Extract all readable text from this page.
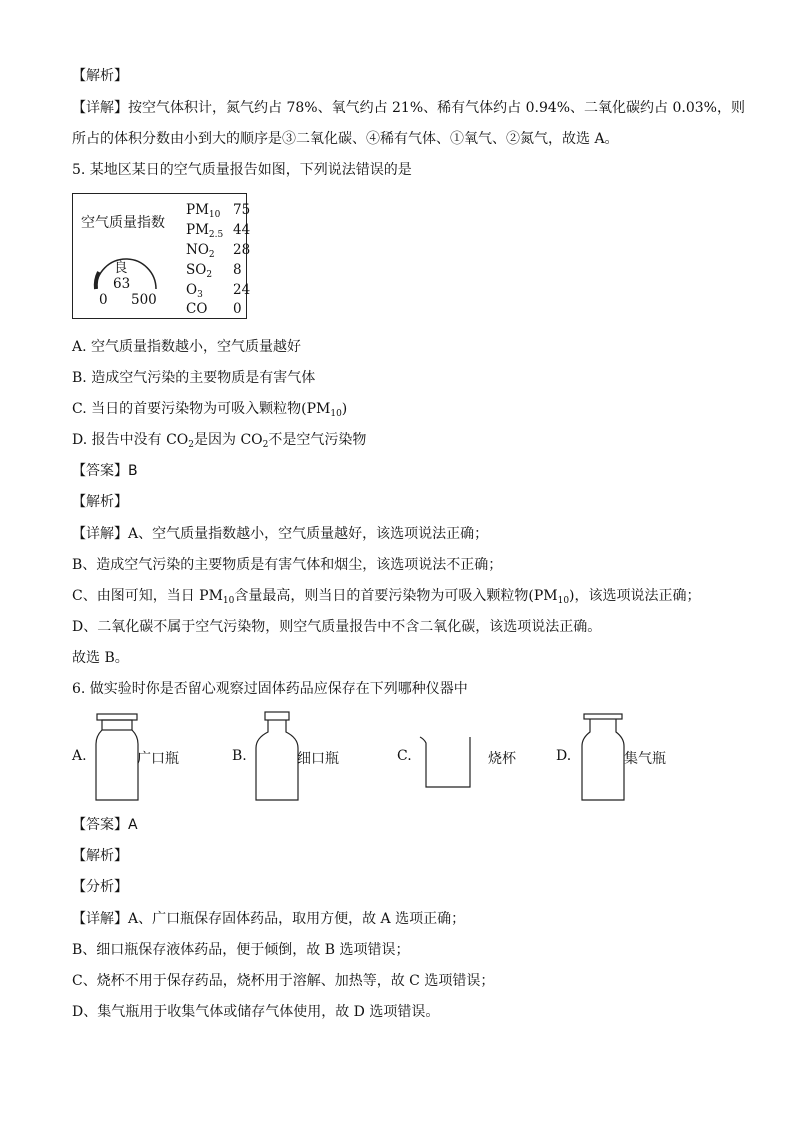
【解析】
【详解】按空气体积计，氮气约占 78%、氧气约占 21%、稀有气体约占 0.94%、二氧化碳约占 0.03%，则
所占的体积分数由小到大的顺序是③二氧化碳、④稀有气体、①氧气、②氮气，故选 A。
5. 某地区某日的空气质量报告如图，下列说法错误的是
空气质量指数
良
63
0 500
$PM_{10}$ 75
$PM_{2.5}$ 44
$NO_2$ 28
$SO_2$ 8
$O_3$ 24
CO 0
A. 空气质量指数越小，空气质量越好
B. 造成空气污染的主要物质是有害气体
C. 当日的首要污染物为可吸入颗粒物$(PM_{10})$
D. 报告中没有 $CO_2$是因为 $CO_2$不是空气污染物
【答案】B
【解析】
【详解】A、空气质量指数越小，空气质量越好，该选项说法正确；
B、造成空气污染的主要物质是有害气体和烟尘，该选项说法不正确；
C、由图可知，当日 $PM_{10}$含量最高，则当日的首要污染物为可吸入颗粒物$(PM_{10})$，该选项说法正确；
D、二氧化碳不属于空气污染物，则空气质量报告中不含二氧化碳，该选项说法正确。
故选 B。
6. 做实验时你是否留心观察过固体药品应保存在下列哪种仪器中
A.	广口瓶	B.	细口瓶	C.	烧杯	D.	集气瓶
【答案】A
【解析】
【分析】
【详解】A、广口瓶保存固体药品，取用方便，故 A 选项正确；
B、细口瓶保存液体药品，便于倾倒，故 B 选项错误；
C、烧杯不用于保存药品，烧杯用于溶解、加热等，故 C 选项错误；
D、集气瓶用于收集气体或储存气体使用，故 D 选项错误。
